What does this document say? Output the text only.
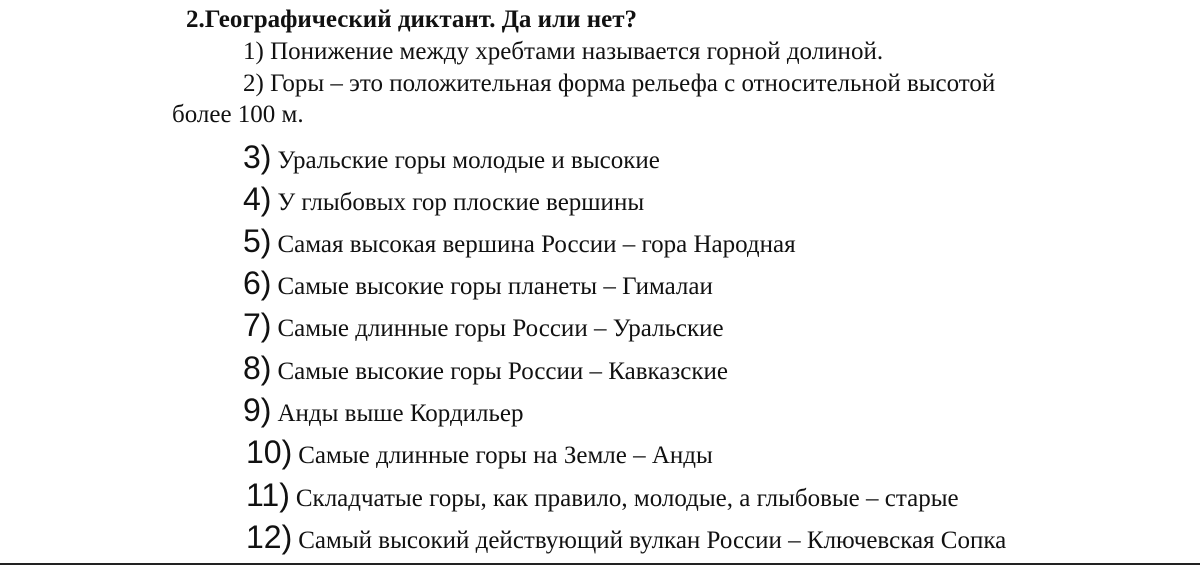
2.Географический диктант. Да или нет?
1) Понижение между хребтами называется горной долиной.
2) Горы – это положительная форма рельефа с относительной высотой
более 100 м.
3) Уральские горы молодые и высокие
4) У глыбовых гор плоские вершины
5) Самая высокая вершина России – гора Народная
6) Самые высокие горы планеты – Гималаи
7) Самые длинные горы России – Уральские
8) Самые высокие горы России – Кавказские
9) Анды выше Кордильер
10) Самые длинные горы на Земле – Анды
11) Складчатые горы, как правило, молодые, а глыбовые – старые
12) Самый высокий действующий вулкан России – Ключевская Сопка
